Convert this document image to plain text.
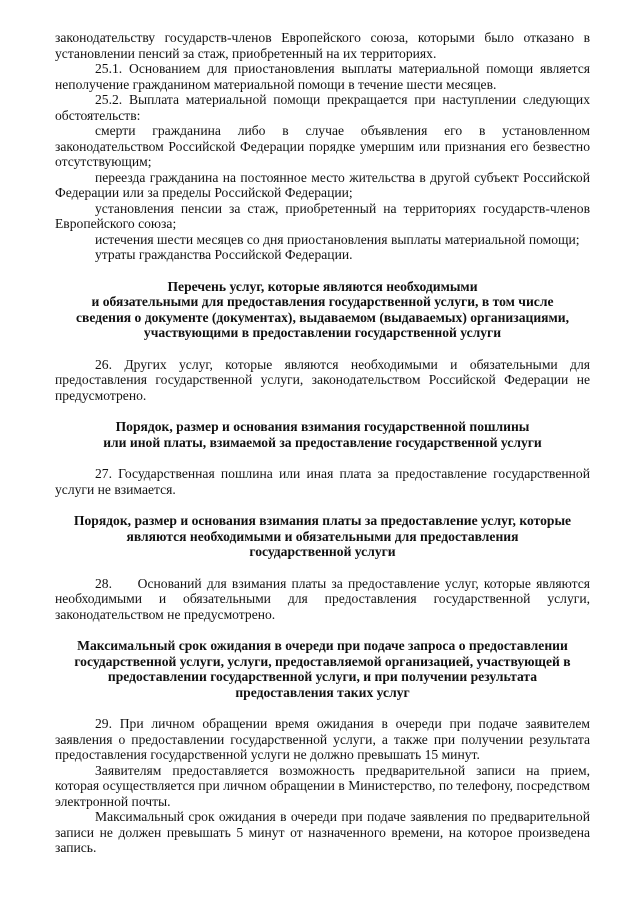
законодательству государств-членов Европейского союза, которыми было отказано в установлении пенсий за стаж, приобретенный на их территориях.

25.1. Основанием для приостановления выплаты материальной помощи является неполучение гражданином материальной помощи в течение шести месяцев.

25.2. Выплата материальной помощи прекращается при наступлении следующих обстоятельств:

смерти гражданина либо в случае объявления его в установленном законодательством Российской Федерации порядке умершим или признания его безвестно отсутствующим;

переезда гражданина на постоянное место жительства в другой субъект Российской Федерации или за пределы Российской Федерации;

установления пенсии за стаж, приобретенный на территориях государств-членов Европейского союза;

истечения шести месяцев со дня приостановления выплаты материальной помощи;

утраты гражданства Российской Федерации.

Перечень услуг, которые являются необходимыми

и обязательными для предоставления государственной услуги, в том числе

сведения о документе (документах), выдаваемом (выдаваемых) организациями,

участвующими в предоставлении государственной услуги

26. Других услуг, которые являются необходимыми и обязательными для предоставления государственной услуги, законодательством Российской Федерации не предусмотрено.

Порядок, размер и основания взимания государственной пошлины

или иной платы, взимаемой за предоставление государственной услуги

27. Государственная пошлина или иная плата за предоставление государственной услуги не взимается.

Порядок, размер и основания взимания платы за предоставление услуг, которые

являются необходимыми и обязательными для предоставления

государственной услуги

28.     Оснований для взимания платы за предоставление услуг, которые являются необходимыми и обязательными для предоставления государственной услуги, законодательством не предусмотрено.

Максимальный срок ожидания в очереди при подаче запроса о предоставлении

государственной услуги, услуги, предоставляемой организацией, участвующей в

предоставлении государственной услуги, и при получении результата

предоставления таких услуг

29. При личном обращении время ожидания в очереди при подаче заявителем заявления о предоставлении государственной услуги, а также при получении результата предоставления государственной услуги не должно превышать 15 минут.

Заявителям предоставляется возможность предварительной записи на прием, которая осуществляется при личном обращении в Министерство, по телефону, посредством электронной почты.

Максимальный срок ожидания в очереди при подаче заявления по предварительной записи не должен превышать 5 минут от назначенного времени, на которое произведена запись.
